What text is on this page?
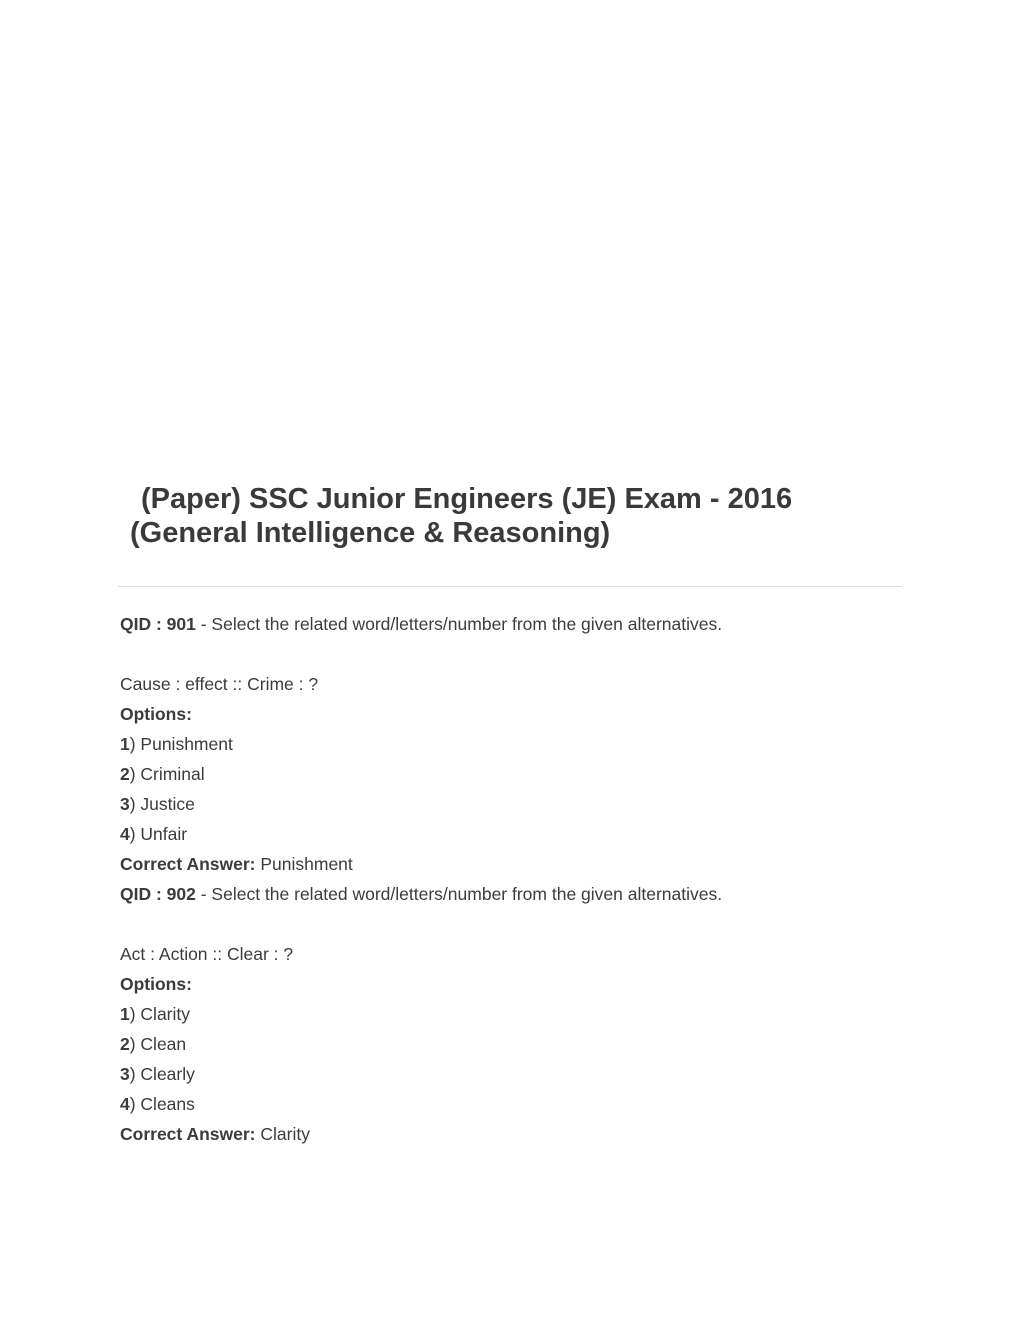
(Paper) SSC Junior Engineers (JE) Exam - 2016
(General Intelligence & Reasoning)
QID : 901 - Select the related word/letters/number from the given alternatives.
Cause : effect :: Crime : ?
Options:
1) Punishment
2) Criminal
3) Justice
4) Unfair
Correct Answer: Punishment
QID : 902 - Select the related word/letters/number from the given alternatives.
Act : Action :: Clear : ?
Options:
1) Clarity
2) Clean
3) Clearly
4) Cleans
Correct Answer: Clarity
